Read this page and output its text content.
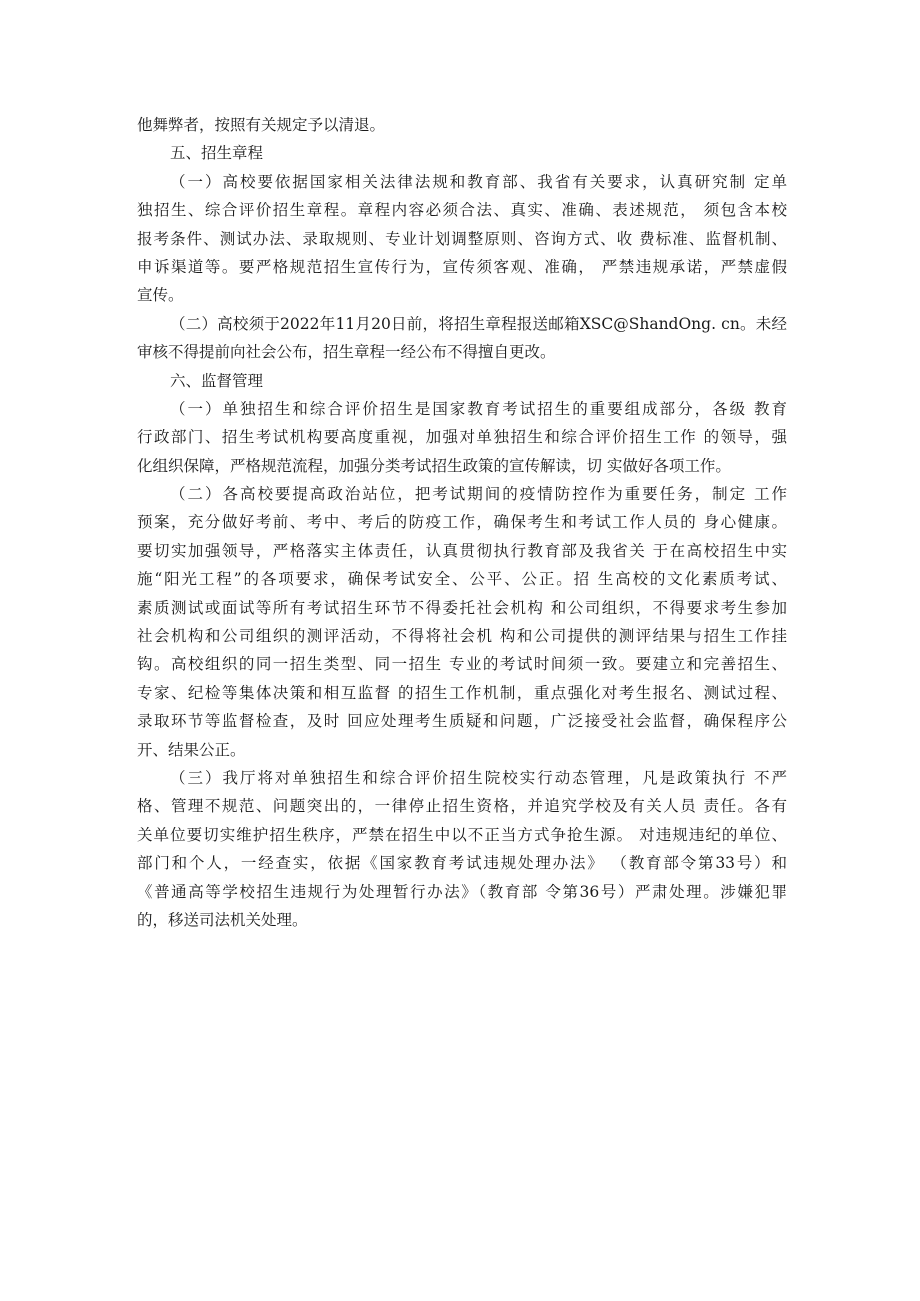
他舞弊者，按照有关规定予以清退。
五、招生章程
（一）高校要依据国家相关法律法规和教育部、我省有关要求，认真研究制 定单
独招生、综合评价招生章程。章程内容必须合法、真实、准确、表述规范， 须包含本校
报考条件、测试办法、录取规则、专业计划调整原则、咨询方式、收 费标准、监督机制、
申诉渠道等。要严格规范招生宣传行为，宣传须客观、准确， 严禁违规承诺，严禁虚假
宣传。
（二）高校须于2022年11月20日前，将招生章程报送邮箱XSC@ShandOng. cn。未经
审核不得提前向社会公布，招生章程一经公布不得擅自更改。
六、监督管理
（一）单独招生和综合评价招生是国家教育考试招生的重要组成部分，各级 教育
行政部门、招生考试机构要高度重视，加强对单独招生和综合评价招生工作 的领导，强
化组织保障，严格规范流程，加强分类考试招生政策的宣传解读，切 实做好各项工作。
（二）各高校要提高政治站位，把考试期间的疫情防控作为重要任务，制定 工作
预案，充分做好考前、考中、考后的防疫工作，确保考生和考试工作人员的 身心健康。
要切实加强领导，严格落实主体责任，认真贯彻执行教育部及我省关 于在高校招生中实
施“阳光工程”的各项要求，确保考试安全、公平、公正。招 生高校的文化素质考试、
素质测试或面试等所有考试招生环节不得委托社会机构 和公司组织，不得要求考生参加
社会机构和公司组织的测评活动，不得将社会机 构和公司提供的测评结果与招生工作挂
钩。高校组织的同一招生类型、同一招生 专业的考试时间须一致。要建立和完善招生、
专家、纪检等集体决策和相互监督 的招生工作机制，重点强化对考生报名、测试过程、
录取环节等监督检查，及时 回应处理考生质疑和问题，广泛接受社会监督，确保程序公
开、结果公正。
（三）我厅将对单独招生和综合评价招生院校实行动态管理，凡是政策执行 不严
格、管理不规范、问题突出的，一律停止招生资格，并追究学校及有关人员 责任。各有
关单位要切实维护招生秩序，严禁在招生中以不正当方式争抢生源。 对违规违纪的单位、
部门和个人，一经查实，依据《国家教育考试违规处理办法》 （教育部令第33号）和
《普通高等学校招生违规行为处理暂行办法》（教育部 令第36号）严肃处理。涉嫌犯罪
的，移送司法机关处理。
